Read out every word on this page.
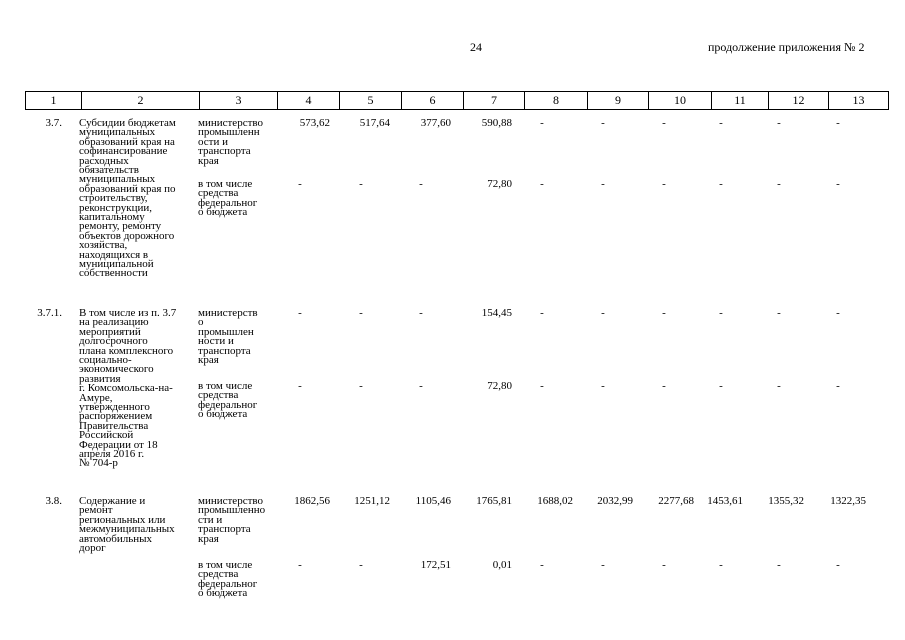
24	продолжение приложения № 2
1	2	3	4	5	6	7	8	9	10	11	12	13
3.7. Субсидии бюджетам
муниципальных
образований края на
софинансирование
расходных
обязательств
муниципальных
образований края по
строительству,
реконструкции,
капитальному
ремонту, ремонту
объектов дорожного
хозяйства,
находящихся в
муниципальной
собственности
министерство
промышленн
ости и
транспорта
края
573,62	517,64	377,60	590,88	-	-	-	-	-	-
в том числе
средства
федеральног
о бюджета
-	-	-	72,80	-	-	-	-	-	-
3.7.1. В том числе из п. 3.7
на реализацию
мероприятий
долгосрочного
плана комплексного
социально-
экономического
развития
г. Комсомольска-на-
Амуре,
утвержденного
распоряжением
Правительства
Российской
Федерации от 18
апреля 2016 г.
№ 704-р
министерств
о
промышлен
ности и
транспорта
края
-	-	-	154,45	-	-	-	-	-	-
в том числе
средства
федеральног
о бюджета
-	-	-	72,80	-	-	-	-	-	-
3.8. Содержание и
ремонт
региональных или
межмуниципальных
автомобильных
дорог
министерство
промышленно
сти и
транспорта
края
1862,56	1251,12	1105,46	1765,81	1688,02	2032,99	2277,68	1453,61	1355,32	1322,35
в том числе
средства
федеральног
о бюджета
-	-	172,51	0,01	-	-	-	-	-	-
